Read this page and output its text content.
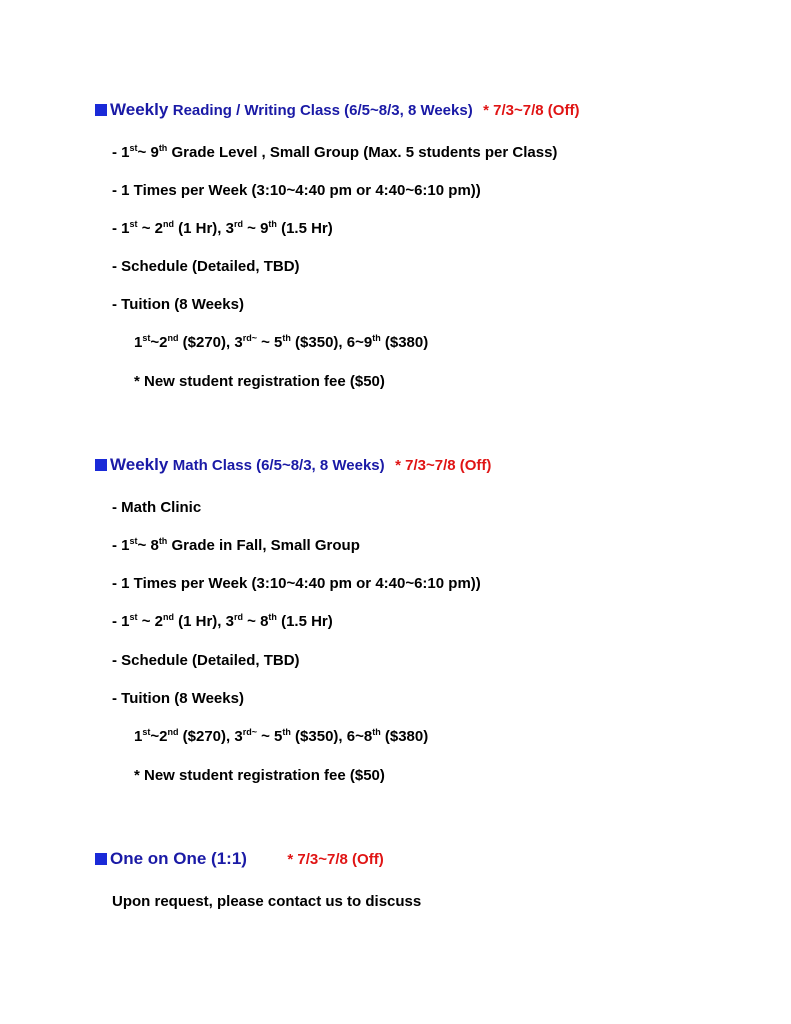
Weekly Reading / Writing Class (6/5~8/3, 8 Weeks) * 7/3~7/8 (Off)
- 1st~ 9th Grade Level , Small Group (Max. 5 students per Class)
- 1 Times per Week (3:10~4:40 pm or 4:40~6:10 pm))
- 1st ~ 2nd (1 Hr), 3rd ~ 9th (1.5 Hr)
- Schedule (Detailed, TBD)
- Tuition (8 Weeks)
1st~2nd ($270), $3^{rd\sim}$ ~ 5th ($350), 6~9th ($380)
* New student registration fee ($50)
Weekly Math Class (6/5~8/3, 8 Weeks) * 7/3~7/8 (Off)
- Math Clinic
- 1st~ 8th Grade in Fall, Small Group
- 1 Times per Week (3:10~4:40 pm or 4:40~6:10 pm))
- 1st ~ 2nd (1 Hr), 3rd ~ 8th (1.5 Hr)
- Schedule (Detailed, TBD)
- Tuition (8 Weeks)
1st~2nd ($270), $3^{rd\sim}$ ~ 5th ($350), 6~8th ($380)
* New student registration fee ($50)
One on One (1:1)	* 7/3~7/8 (Off)
Upon request, please contact us to discuss
